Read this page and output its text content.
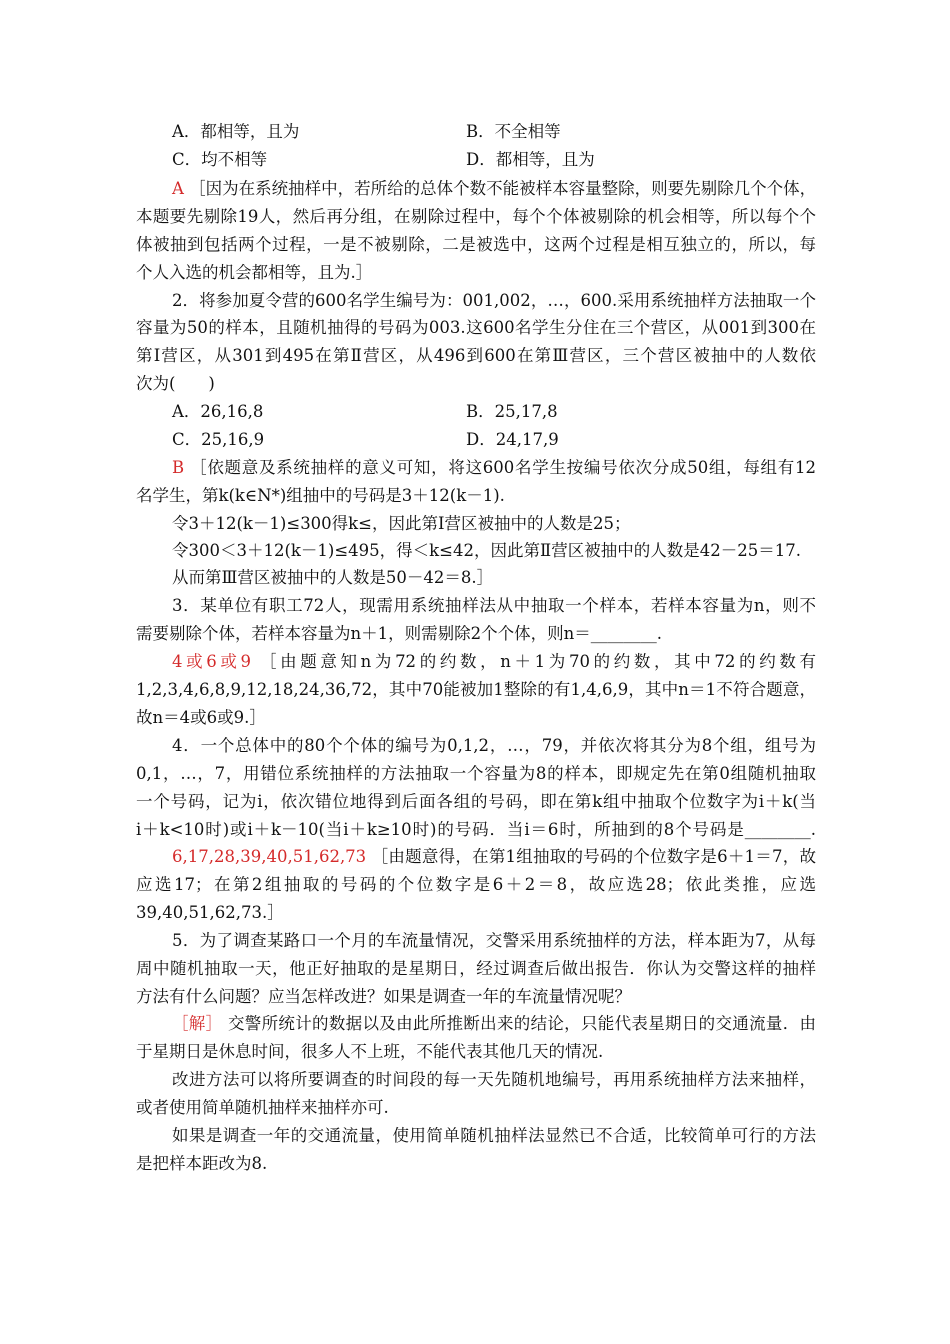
A．都相等，且为	B．不全相等
C．均不相等	D．都相等，且为
A ［因为在系统抽样中，若所给的总体个数不能被样本容量整除，则要先剔除几个个体，
本题要先剔除19人，然后再分组，在剔除过程中，每个个体被剔除的机会相等，所以每个个
体被抽到包括两个过程，一是不被剔除，二是被选中，这两个过程是相互独立的，所以，每
个人入选的机会都相等，且为.］
2．将参加夏令营的600名学生编号为：001,002，…，600.采用系统抽样方法抽取一个
容量为50的样本，且随机抽得的号码为003.这600名学生分住在三个营区，从001到300在
第Ⅰ营区，从301到495在第Ⅱ营区，从496到600在第Ⅲ营区，三个营区被抽中的人数依
次为(　　)
A．26,16,8	B．25,17,8
C．25,16,9	D．24,17,9
B ［依题意及系统抽样的意义可知，将这600名学生按编号依次分成50组，每组有12
名学生，第k(k∈N*)组抽中的号码是3＋12(k－1).
令3＋12(k－1)≤300得k≤，因此第Ⅰ营区被抽中的人数是25；
令300＜3＋12(k－1)≤495，得＜k≤42，因此第Ⅱ营区被抽中的人数是42－25＝17.
从而第Ⅲ营区被抽中的人数是50－42＝8.］
3．某单位有职工72人，现需用系统抽样法从中抽取一个样本，若样本容量为n，则不
需要剔除个体，若样本容量为n＋1，则需剔除2个个体，则n＝________.
4或6或9 ［由题意知n为72的约数，n＋1为70的约数，其中72的约数有
1,2,3,4,6,8,9,12,18,24,36,72，其中70能被加1整除的有1,4,6,9，其中n＝1不符合题意，
故n＝4或6或9.］
4．一个总体中的80个个体的编号为0,1,2，…，79，并依次将其分为8个组，组号为
0,1，…，7，用错位系统抽样的方法抽取一个容量为8的样本，即规定先在第0组随机抽取
一个号码，记为i，依次错位地得到后面各组的号码，即在第k组中抽取个位数字为i＋k(当
i＋k<10时)或i＋k－10(当i＋k≥10时)的号码．当i＝6时，所抽到的8个号码是________.
6,17,28,39,40,51,62,73 ［由题意得，在第1组抽取的号码的个位数字是6＋1＝7，故
应选17；在第2组抽取的号码的个位数字是6＋2＝8，故应选28；依此类推，应选
39,40,51,62,73.］
5．为了调查某路口一个月的车流量情况，交警采用系统抽样的方法，样本距为7，从每
周中随机抽取一天，他正好抽取的是星期日，经过调查后做出报告．你认为交警这样的抽样
方法有什么问题？应当怎样改进？如果是调查一年的车流量情况呢？
［解］ 交警所统计的数据以及由此所推断出来的结论，只能代表星期日的交通流量．由
于星期日是休息时间，很多人不上班，不能代表其他几天的情况.
改进方法可以将所要调查的时间段的每一天先随机地编号，再用系统抽样方法来抽样，
或者使用简单随机抽样来抽样亦可.
如果是调查一年的交通流量，使用简单随机抽样法显然已不合适，比较简单可行的方法
是把样本距改为8.
